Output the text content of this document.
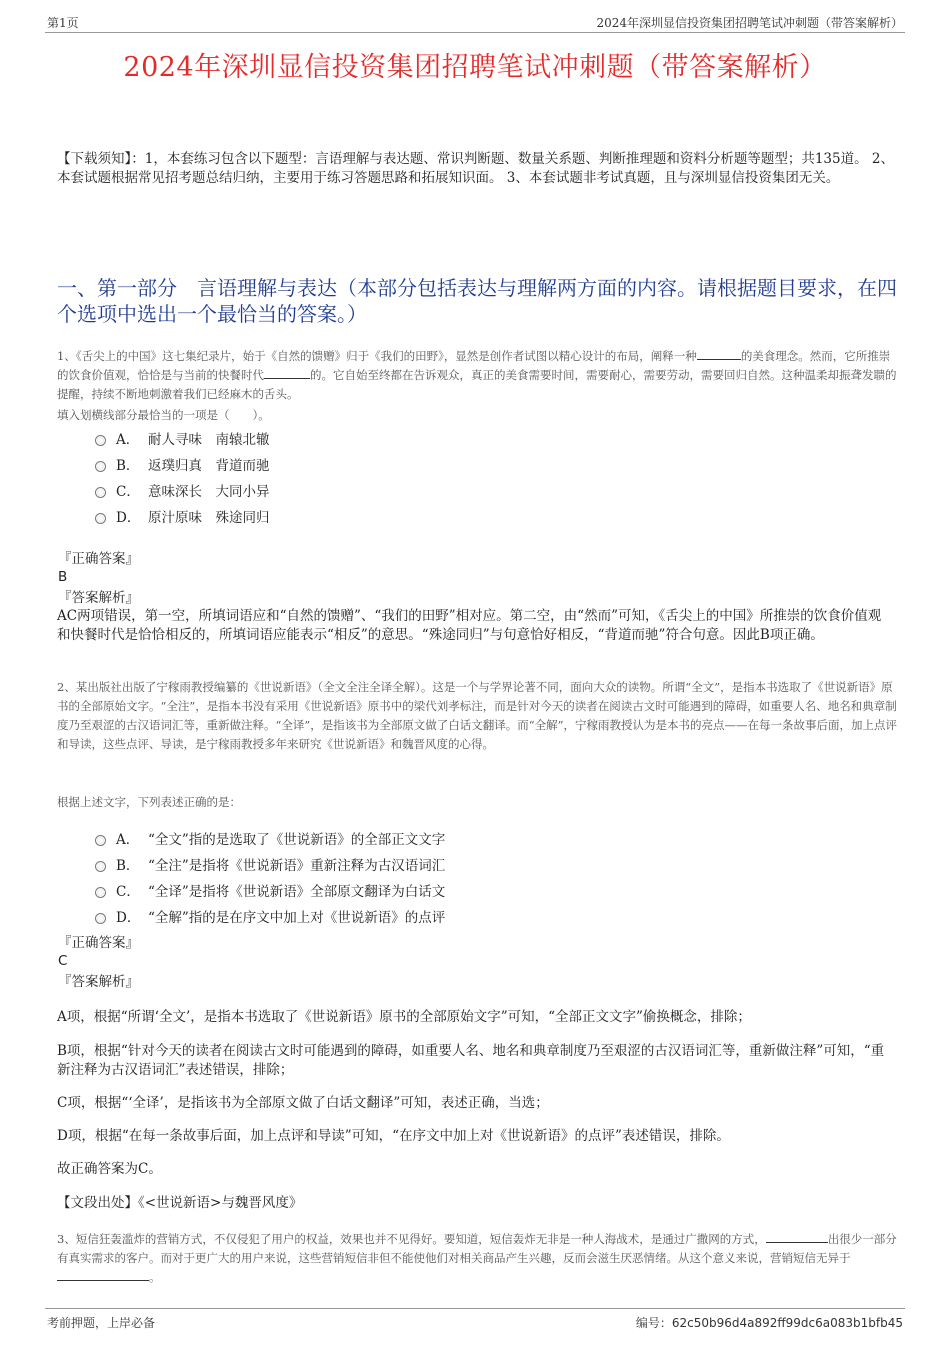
第1页	2024年深圳显信投资集团招聘笔试冲刺题（带答案解析）
2024年深圳显信投资集团招聘笔试冲刺题（带答案解析）
【下载须知】：1，本套练习包含以下题型：言语理解与表达题、常识判断题、数量关系题、判断推理题和资料分析题等题型；共135道。 2、本套试题根据常见招考题总结归纳，主要用于练习答题思路和拓展知识面。 3、本套试题非考试真题，且与深圳显信投资集团无关。
一、第一部分　言语理解与表达（本部分包括表达与理解两方面的内容。请根据题目要求，在四个选项中选出一个最恰当的答案。）
1、《舌尖上的中国》这七集纪录片，始于《自然的馈赠》归于《我们的田野》，显然是创作者试图以精心设计的布局，阐释一种	的美食理念。然而，它所推崇的饮食价值观，恰恰是与当前的快餐时代	的。它自始至终都在告诉观众，真正的美食需要时间，需要耐心，需要劳动，需要回归自然。这种温柔却振聋发聩的提醒，持续不断地刺激着我们已经麻木的舌头。
填入划横线部分最恰当的一项是（　　）。
A． 耐人寻味　南辕北辙
B． 返璞归真　背道而驰
C． 意味深长　大同小异
D． 原汁原味　殊途同归
『正确答案』
B
『答案解析』
AC两项错误，第一空，所填词语应和“自然的馈赠”、“我们的田野”相对应。第二空，由“然而”可知，《舌尖上的中国》所推崇的饮食价值观和快餐时代是恰恰相反的，所填词语应能表示“相反”的意思。“殊途同归”与句意恰好相反，“背道而驰”符合句意。因此B项正确。
2、某出版社出版了宁稼雨教授编纂的《世说新语》（全文全注全译全解）。这是一个与学界论著不同，面向大众的读物。所谓“全文”，是指本书选取了《世说新语》原书的全部原始文字。“全注”，是指本书没有采用《世说新语》原书中的梁代刘孝标注，而是针对今天的读者在阅读古文时可能遇到的障碍，如重要人名、地名和典章制度乃至艰涩的古汉语词汇等，重新做注释。“全译”，是指该书为全部原文做了白话文翻译。而“全解”，宁稼雨教授认为是本书的亮点——在每一条故事后面，加上点评和导读，这些点评、导读，是宁稼雨教授多年来研究《世说新语》和魏晋风度的心得。
根据上述文字，下列表述正确的是：
A． “全文”指的是选取了《世说新语》的全部正文文字
B． “全注”是指将《世说新语》重新注释为古汉语词汇
C． “全译”是指将《世说新语》全部原文翻译为白话文
D． “全解”指的是在序文中加上对《世说新语》的点评
『正确答案』
C
『答案解析』
A项，根据“所谓‘全文’，是指本书选取了《世说新语》原书的全部原始文字”可知，“全部正文文字”偷换概念，排除；
B项，根据“针对今天的读者在阅读古文时可能遇到的障碍，如重要人名、地名和典章制度乃至艰涩的古汉语词汇等，重新做注释”可知，“重新注释为古汉语词汇”表述错误，排除；
C项，根据“‘全译’，是指该书为全部原文做了白话文翻译”可知，表述正确，当选；
D项，根据“在每一条故事后面，加上点评和导读”可知，“在序文中加上对《世说新语》的点评”表述错误，排除。
故正确答案为C。
【文段出处】《<世说新语>与魏晋风度》
3、短信狂轰滥炸的营销方式，不仅侵犯了用户的权益，效果也并不见得好。要知道，短信轰炸无非是一种人海战术，是通过广撒网的方式，	出很少一部分有真实需求的客户。而对于更广大的用户来说，这些营销短信非但不能使他们对相关商品产生兴趣，反而会滋生厌恶情绪。从这个意义来说，营销短信无异于。
考前押题，上岸必备	编号：62c50b96d4a892ff99dc6a083b1bfb45
